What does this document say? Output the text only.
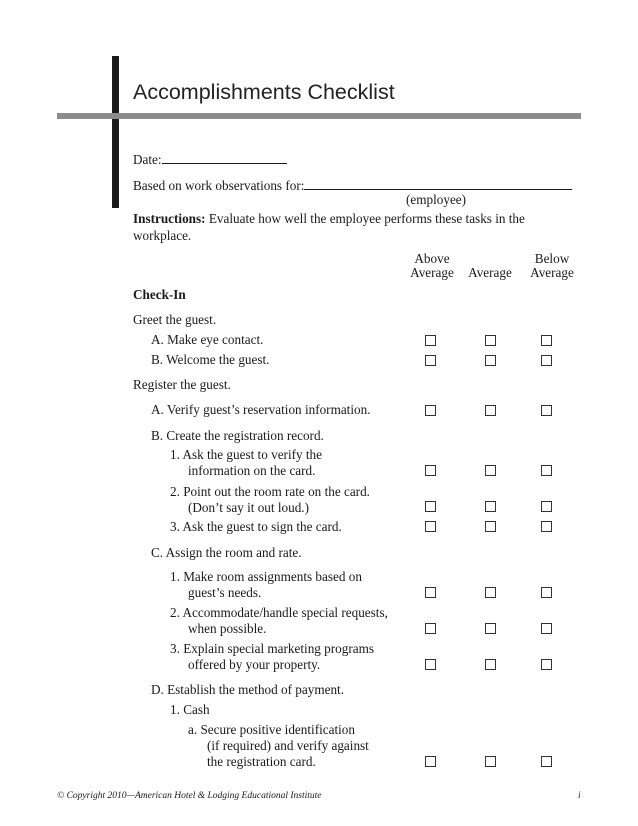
Accomplishments Checklist
Date:
Based on work observations for:
(employee)
Instructions: Evaluate how well the employee performs these tasks in the
workplace.
Above
Average	Average
Below
Average
Check-In
Greet the guest.
A. Make eye contact.
B. Welcome the guest.
Register the guest.
A. Verify guest’s reservation information.
B. Create the registration record.
1. Ask the guest to verify the
information on the card.
2. Point out the room rate on the card.
(Don’t say it out loud.)
3. Ask the guest to sign the card.
C. Assign the room and rate.
1. Make room assignments based on
guest’s needs.
2. Accommodate/handle special requests,
when possible.
3. Explain special marketing programs
offered by your property.
D. Establish the method of payment.
1. Cash
a. Secure positive identification
(if required) and verify against
the registration card.
© Copyright 2010—American Hotel & Lodging Educational Institute	i
